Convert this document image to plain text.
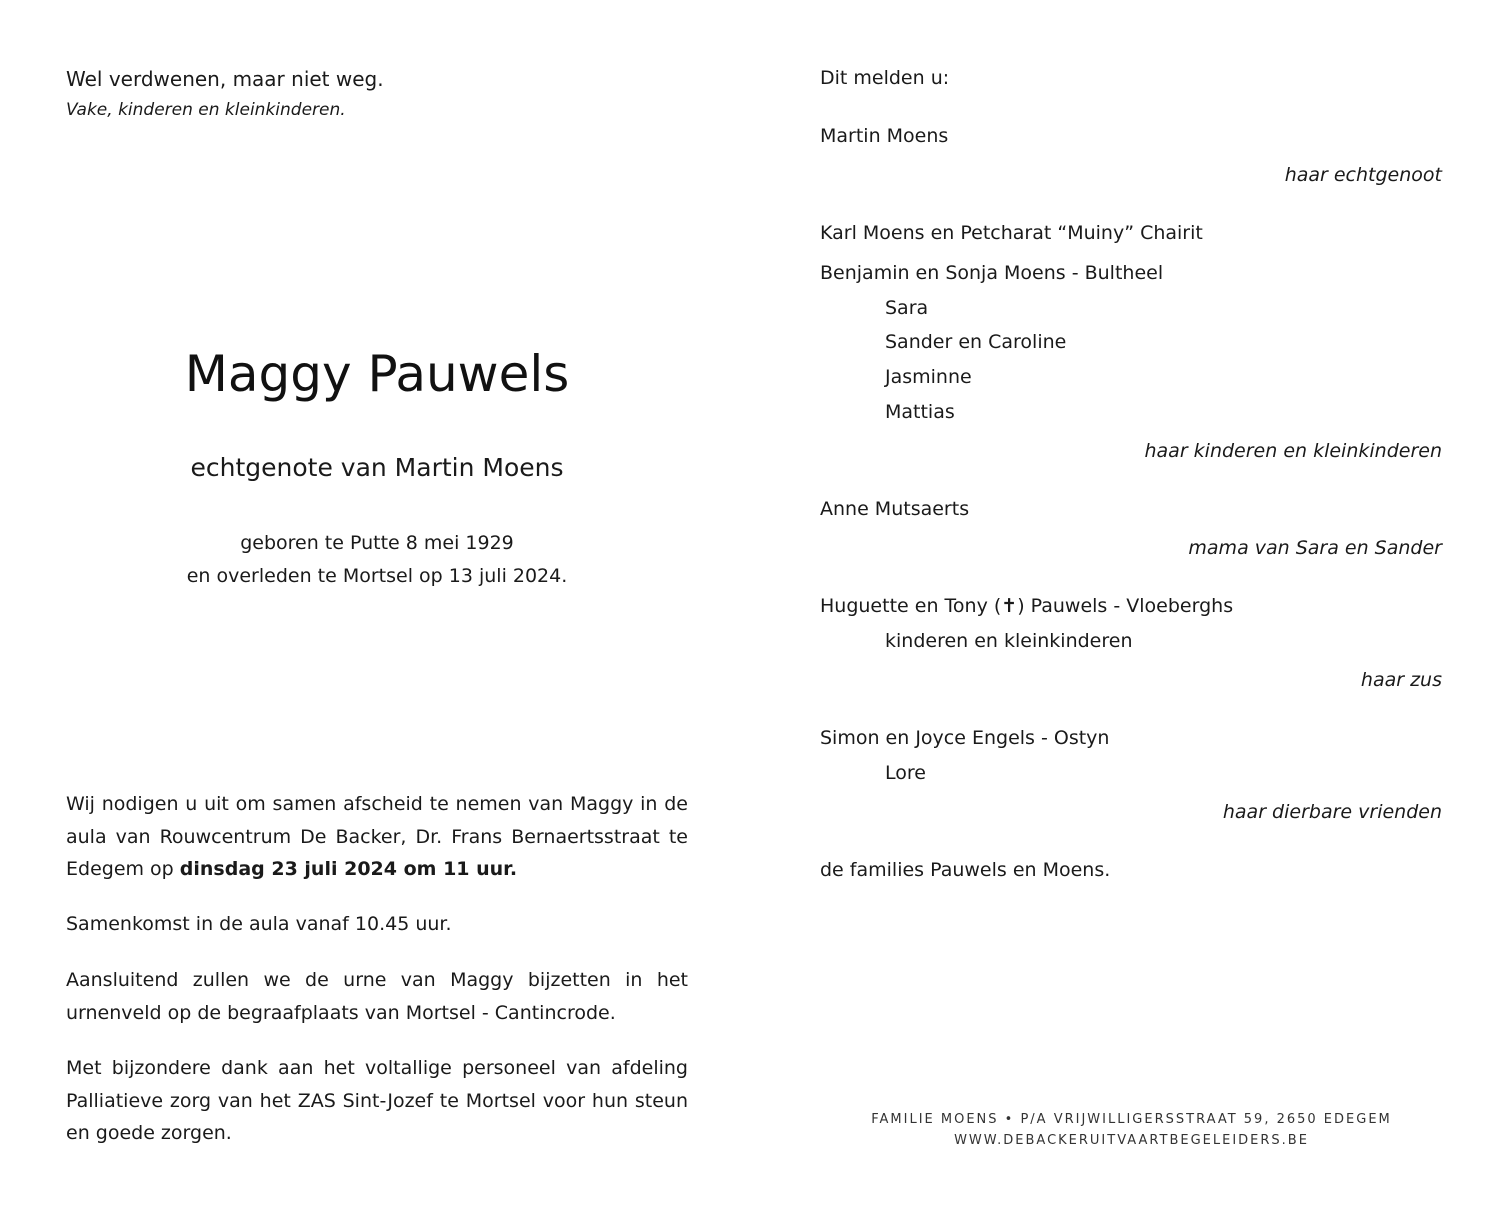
Wel verdwenen, maar niet weg.
Vake, kinderen en kleinkinderen.
Maggy Pauwels
echtgenote van Martin Moens
geboren te Putte 8 mei 1929
en overleden te Mortsel op 13 juli 2024.
Wij nodigen u uit om samen afscheid te nemen van Maggy in de aula van Rouwcentrum De Backer, Dr. Frans Bernaertsstraat te Edegem op dinsdag 23 juli 2024 om 11 uur.
Samenkomst in de aula vanaf 10.45 uur.
Aansluitend zullen we de urne van Maggy bijzetten in het urnenveld op de begraafplaats van Mortsel - Cantincrode.
Met bijzondere dank aan het voltallige personeel van afdeling Palliatieve zorg van het ZAS Sint-Jozef te Mortsel voor hun steun en goede zorgen.
Dit melden u:
Martin Moens
haar echtgenoot
Karl Moens en Petcharat “Muiny” Chairit
Benjamin en Sonja Moens - Bultheel
Sara
Sander en Caroline
Jasminne
Mattias
haar kinderen en kleinkinderen
Anne Mutsaerts
mama van Sara en Sander
Huguette en Tony (✝) Pauwels - Vloeberghs
kinderen en kleinkinderen
haar zus
Simon en Joyce Engels - Ostyn
Lore
haar dierbare vrienden
de families Pauwels en Moens.
FAMILIE MOENS • P/A VRIJWILLIGERSSTRAAT 59, 2650 EDEGEM
WWW.DEBACKERUITVAARTBEGELEIDERS.BE
